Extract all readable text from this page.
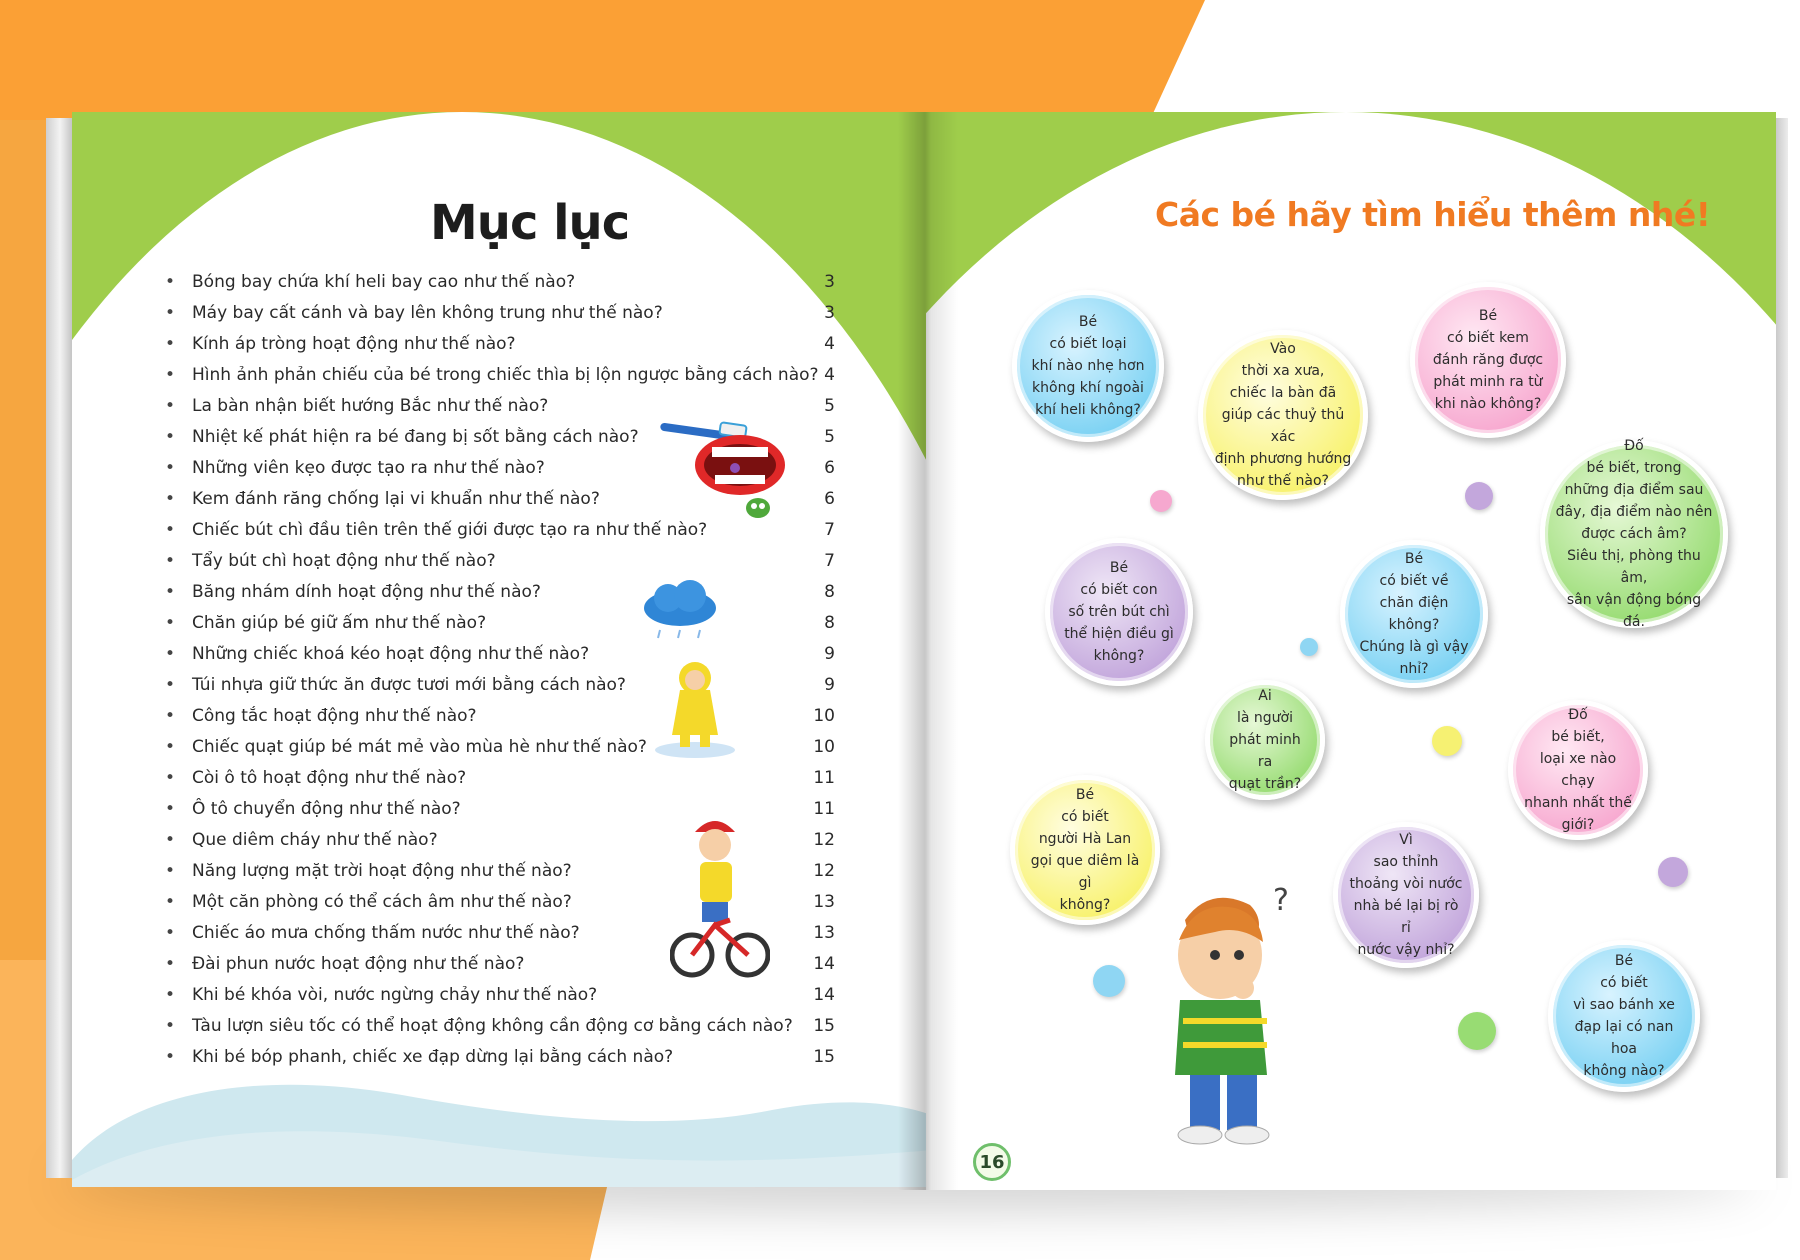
Mục lục
• Bóng bay chứa khí heli bay cao như thế nào?	3
• Máy bay cất cánh và bay lên không trung như thế nào?	3
• Kính áp tròng hoạt động như thế nào?	4
• Hình ảnh phản chiếu của bé trong chiếc thìa bị lộn ngược bằng cách nào? 4
• La bàn nhận biết hướng Bắc như thế nào?	5
• Nhiệt kế phát hiện ra bé đang bị sốt bằng cách nào?	5
• Những viên kẹo được tạo ra như thế nào?	6
• Kem đánh răng chống lại vi khuẩn như thế nào?	6
• Chiếc bút chì đầu tiên trên thế giới được tạo ra như thế nào?	7
• Tẩy bút chì hoạt động như thế nào?	7
• Băng nhám dính hoạt động như thế nào?	8
• Chăn giúp bé giữ ấm như thế nào?	8
• Những chiếc khoá kéo hoạt động như thế nào?	9
• Túi nhựa giữ thức ăn được tươi mới bằng cách nào?	9
• Công tắc hoạt động như thế nào?	10
• Chiếc quạt giúp bé mát mẻ vào mùa hè như thế nào?	10
• Còi ô tô hoạt động như thế nào?	11
• Ô tô chuyển động như thế nào?	11
• Que diêm cháy như thế nào?	12
• Năng lượng mặt trời hoạt động như thế nào?	12
• Một căn phòng có thể cách âm như thế nào?	13
• Chiếc áo mưa chống thấm nước như thế nào?	13
• Đài phun nước hoạt động như thế nào?	14
• Khi bé khóa vòi, nước ngừng chảy như thế nào?	14
• Tàu lượn siêu tốc có thể hoạt động không cần động cơ bằng cách nào?	15
• Khi bé bóp phanh, chiếc xe đạp dừng lại bằng cách nào?	15
Các bé hãy tìm hiểu thêm nhé!
Bé
có biết loại
khí nào nhẹ hơn
không khí ngoài
khí heli không?
Vào
thời xa xưa,
chiếc la bàn đã
giúp các thuỷ thủ xác
định phương hướng
như thế nào?
Bé
có biết kem
đánh răng được
phát minh ra từ
khi nào không?
Đố
bé biết, trong
những địa điểm sau
đây, địa điểm nào nên
được cách âm?
Siêu thị, phòng thu âm,
sân vận động bóng
đá.
Bé
có biết con
số trên bút chì
thể hiện điều gì
không?
Bé
có biết về
chăn điện không?
Chúng là gì vậy
nhỉ?
Ai
là người
phát minh ra
quạt trần?
Đố
bé biết,
loại xe nào chạy
nhanh nhất thế
giới?
Bé
có biết
người Hà Lan
gọi que diêm là gì
không?
Vì
sao thỉnh
thoảng vòi nước
nhà bé lại bị rò rỉ
nước vậy nhỉ?
Bé
có biết
vì sao bánh xe
đạp lại có nan hoa
không nào?
?
16
